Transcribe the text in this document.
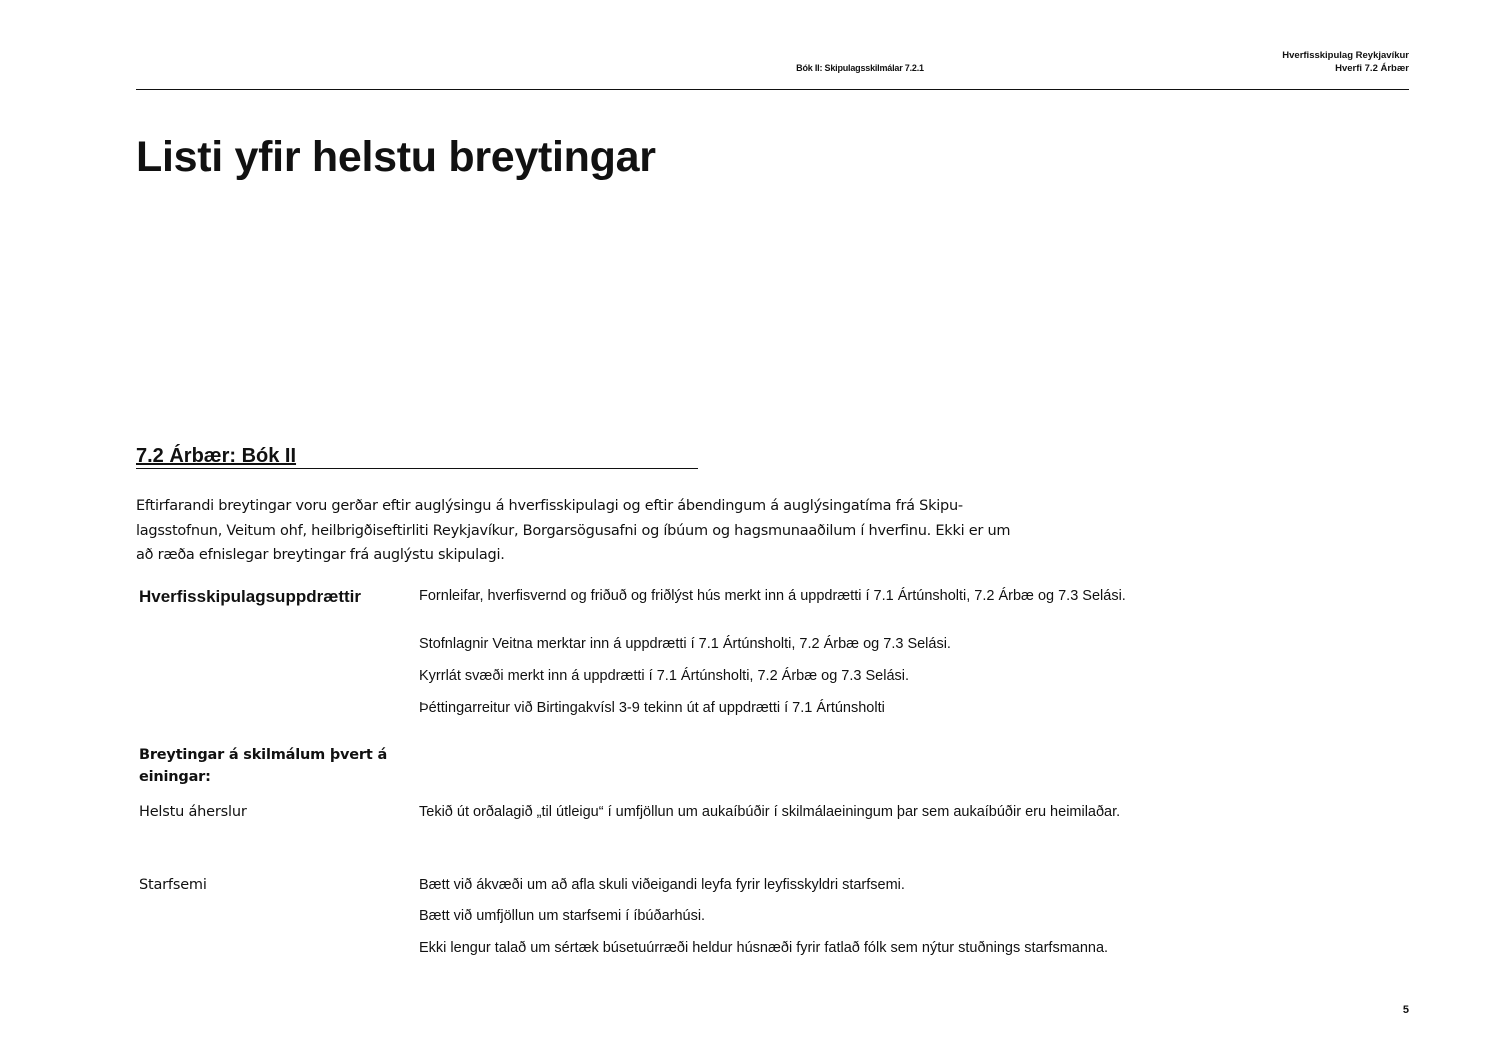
Bók II: Skipulagsskilmálar 7.2.1
Hverfisskipulag Reykjavíkur
Hverfi 7.2 Árbær
Listi yfir helstu breytingar
7.2 Árbær: Bók II

Eftirfarandi breytingar voru gerðar eftir auglýsingu á hverfisskipulagi og eftir ábendingum á auglýsingatíma frá Skipu-lagsstofnun, Veitum ohf, heilbrigðiseftirliti Reykjavíkur, Borgarsögusafni og íbúum og hagsmunaaðilum í hverfinu. Ekki er um að ræða efnislegar breytingar frá auglýstu skipulagi.

Hverfisskipulagsuppdrættir	Fornleifar, hverfisvernd og friðuð og friðlýst hús merkt inn á uppdrætti í 7.1 Ártúnsholti, 7.2 Árbæ og 7.3 Selási.
Stofnlagnir Veitna merktar inn á uppdrætti í 7.1 Ártúnsholti, 7.2 Árbæ og 7.3 Selási.
Kyrrlát svæði merkt inn á uppdrætti í 7.1 Ártúnsholti, 7.2 Árbæ og 7.3 Selási.
Þéttingarreitur við Birtingakvísl 3-9 tekinn út af uppdrætti í 7.1 Ártúnsholti
Breytingar á skilmálum þvert á einingar:
Helstu áherslur	Tekið út orðalagið „til útleigu“ í umfjöllun um aukaíbúðir í skilmálaeiningum þar sem aukaíbúðir eru heimilaðar.
Starfsemi	Bætt við ákvæði um að afla skuli viðeigandi leyfa fyrir leyfisskyldri starfsemi.
Bætt við umfjöllun um starfsemi í íbúðarhúsi.
Ekki lengur talað um sértæk búsetuúrræði heldur húsnæði fyrir fatlað fólk sem nýtur stuðnings starfsmanna.
5
